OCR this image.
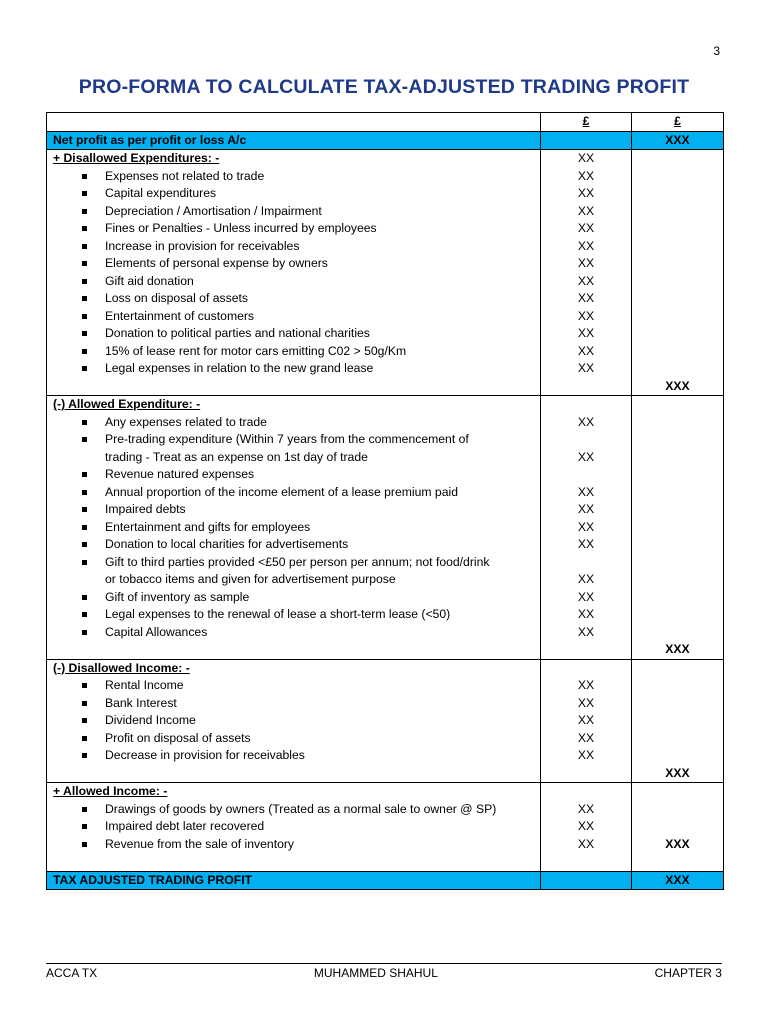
3
PRO-FORMA TO CALCULATE TAX-ADJUSTED TRADING PROFIT
	£	£
Net profit as per profit or loss A/c		XXX
+ Disallowed Expenditures: -	XX	

Expenses not related to trade	XX	

Capital expenditures	XX	

Depreciation / Amortisation / Impairment	XX	

Fines or Penalties - Unless incurred by employees	XX	

Increase in provision for receivables	XX	

Elements of personal expense by owners	XX	

Gift aid donation	XX	

Loss on disposal of assets	XX	

Entertainment of customers	XX	

Donation to political parties and national charities	XX	

15% of lease rent for motor cars emitting C02 > 50g/Km	XX	

Legal expenses in relation to the new grand lease	XX	
		XXX
(-) Allowed Expenditure: -		

Any expenses related to trade	XX	

Pre-trading expenditure (Within 7 years from the commencement of		

trading - Treat as an expense on 1st day of trade	XX	

Revenue natured expenses		

Annual proportion of the income element of a lease premium paid	XX	

Impaired debts	XX	

Entertainment and gifts for employees	XX	

Donation to local charities for advertisements	XX	

Gift to third parties provided <£50 per person per annum; not food/drink		

or tobacco items and given for advertisement purpose	XX	

Gift of inventory as sample	XX	

Legal expenses to the renewal of lease a short-term lease (<50)	XX	

Capital Allowances	XX	
		XXX
(-) Disallowed Income: -		

Rental Income	XX	

Bank Interest	XX	

Dividend Income	XX	

Profit on disposal of assets	XX	

Decrease in provision for receivables	XX	
		XXX
+ Allowed Income: -		

Drawings of goods by owners (Treated as a normal sale to owner @ SP)	XX	

Impaired debt later recovered	XX	

Revenue from the sale of inventory	XX	XXX

TAX ADJUSTED TRADING PROFIT		XXX
ACCA TX	MUHAMMED SHAHUL	CHAPTER 3
